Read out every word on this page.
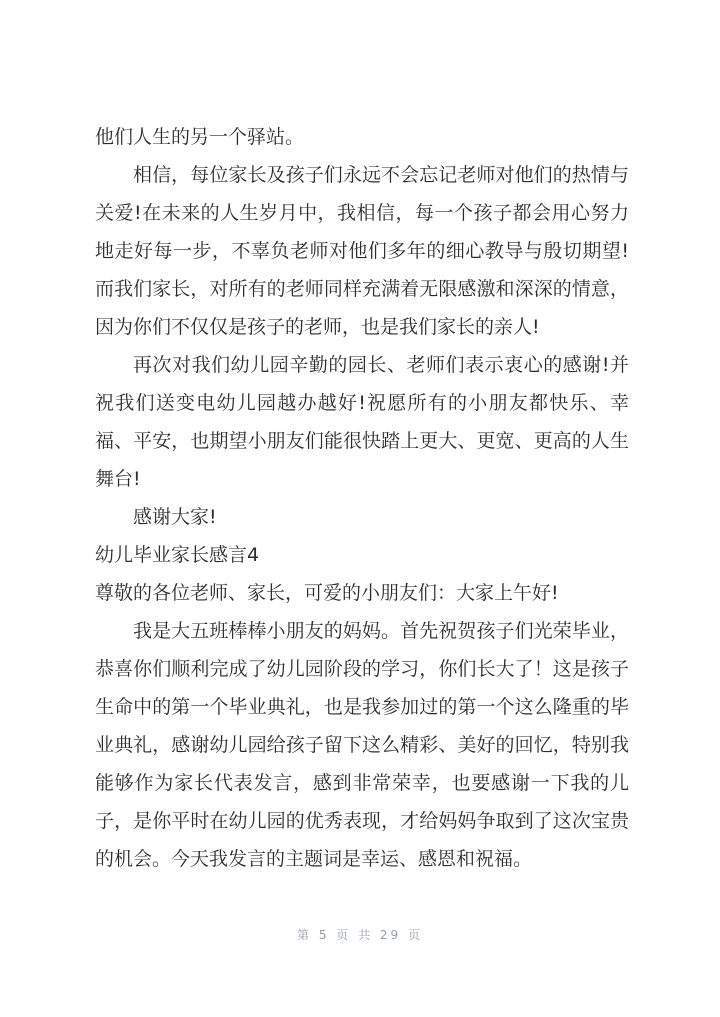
他们人生的另一个驿站。

相信，每位家长及孩子们永远不会忘记老师对他们的热情与关爱!在未来的人生岁月中，我相信，每一个孩子都会用心努力地走好每一步，不辜负老师对他们多年的细心教导与殷切期望!而我们家长，对所有的老师同样充满着无限感激和深深的情意，因为你们不仅仅是孩子的老师，也是我们家长的亲人!

再次对我们幼儿园辛勤的园长、老师们表示衷心的感谢!并祝我们送变电幼儿园越办越好!祝愿所有的小朋友都快乐、幸福、平安，也期望小朋友们能很快踏上更大、更宽、更高的人生舞台!

感谢大家!

幼儿毕业家长感言4

尊敬的各位老师、家长，可爱的小朋友们：大家上午好!

我是大五班棒棒小朋友的妈妈。首先祝贺孩子们光荣毕业，恭喜你们顺利完成了幼儿园阶段的学习，你们长大了！这是孩子生命中的第一个毕业典礼，也是我参加过的第一个这么隆重的毕业典礼，感谢幼儿园给孩子留下这么精彩、美好的回忆，特别我能够作为家长代表发言，感到非常荣幸，也要感谢一下我的儿子，是你平时在幼儿园的优秀表现，才给妈妈争取到了这次宝贵的机会。今天我发言的主题词是幸运、感恩和祝福。

第 5 页 共 29 页
